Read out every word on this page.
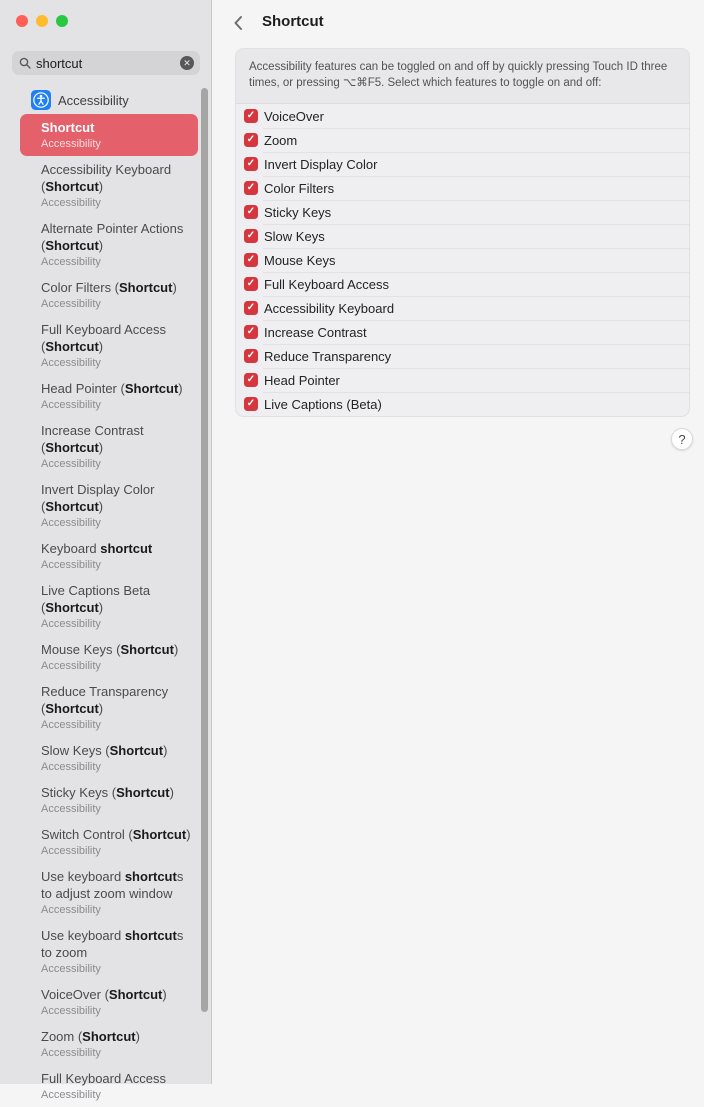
shortcut
✕
Accessibility
Shortcut
Accessibility
Accessibility Keyboard (Shortcut)
Accessibility
Alternate Pointer Actions (Shortcut)
Accessibility
Color Filters (Shortcut)
Accessibility
Full Keyboard Access (Shortcut)
Accessibility
Head Pointer (Shortcut)
Accessibility
Increase Contrast (Shortcut)
Accessibility
Invert Display Color (Shortcut)
Accessibility
Keyboard shortcut
Accessibility
Live Captions Beta (Shortcut)
Accessibility
Mouse Keys (Shortcut)
Accessibility
Reduce Transparency (Shortcut)
Accessibility
Slow Keys (Shortcut)
Accessibility
Sticky Keys (Shortcut)
Accessibility
Switch Control (Shortcut)
Accessibility
Use keyboard shortcuts to adjust zoom window
Accessibility
Use keyboard shortcuts to zoom
Accessibility
VoiceOver (Shortcut)
Accessibility
Zoom (Shortcut)
Accessibility
Full Keyboard Access
Accessibility
Shortcut

Accessibility features can be toggled on and off by quickly pressing Touch ID three times, or pressing ⌥⌘F5. Select which features to toggle on and off:

✓ VoiceOver
✓ Zoom
✓ Invert Display Color
✓ Color Filters
✓ Sticky Keys
✓ Slow Keys
✓ Mouse Keys
✓ Full Keyboard Access
✓ Accessibility Keyboard
✓ Increase Contrast
✓ Reduce Transparency
✓ Head Pointer
✓ Live Captions (Beta)
?
